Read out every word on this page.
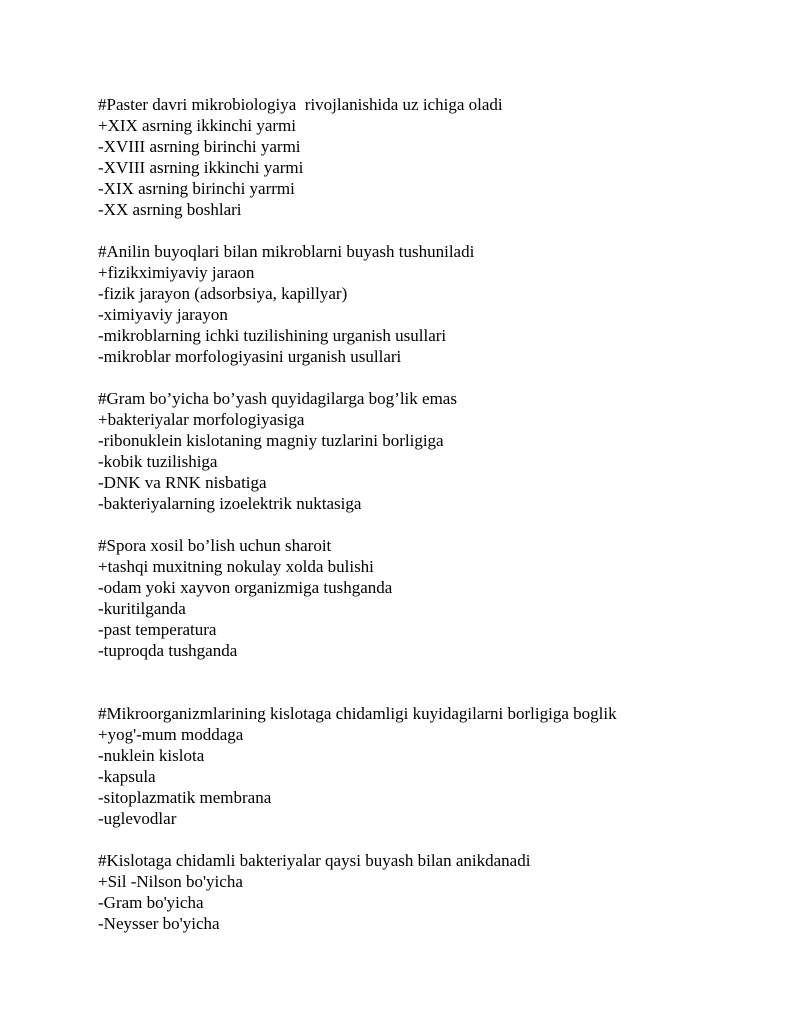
#Paster davri mikrobiologiya  rivojlanishida uz ichiga oladi
+XIX asrning ikkinchi yarmi
-XVIII asrning birinchi yarmi
-XVIII asrning ikkinchi yarmi
-XIX asrning birinchi yarrmi
-XX asrning boshlari
#Anilin buyoqlari bilan mikroblarni buyash tushuniladi
+fizikximiyaviy jaraon
-fizik jarayon (adsorbsiya, kapillyar)
-ximiyaviy jarayon
-mikroblarning ichki tuzilishining urganish usullari
-mikroblar morfologiyasini urganish usullari
#Gram bo’yicha bo’yash quyidagilarga bog’lik emas
+bakteriyalar morfologiyasiga
-ribonuklein kislotaning magniy tuzlarini borligiga
-kobik tuzilishiga
-DNK va RNK nisbatiga
-bakteriyalarning izoelektrik nuktasiga
#Spora xosil bo’lish uchun sharoit
+tashqi muxitning nokulay xolda bulishi
-odam yoki xayvon organizmiga tushganda
-kuritilganda
-past temperatura
-tuproqda tushganda
#Mikroorganizmlarining kislotaga chidamligi kuyidagilarni borligiga boglik
+yog'-mum moddaga
-nuklein kislota
-kapsula
-sitoplazmatik membrana
-uglevodlar
#Kislotaga chidamli bakteriyalar qaysi buyash bilan anikdanadi
+Sil -Nilson bo'yicha
-Gram bo'yicha
-Neysser bo'yicha
